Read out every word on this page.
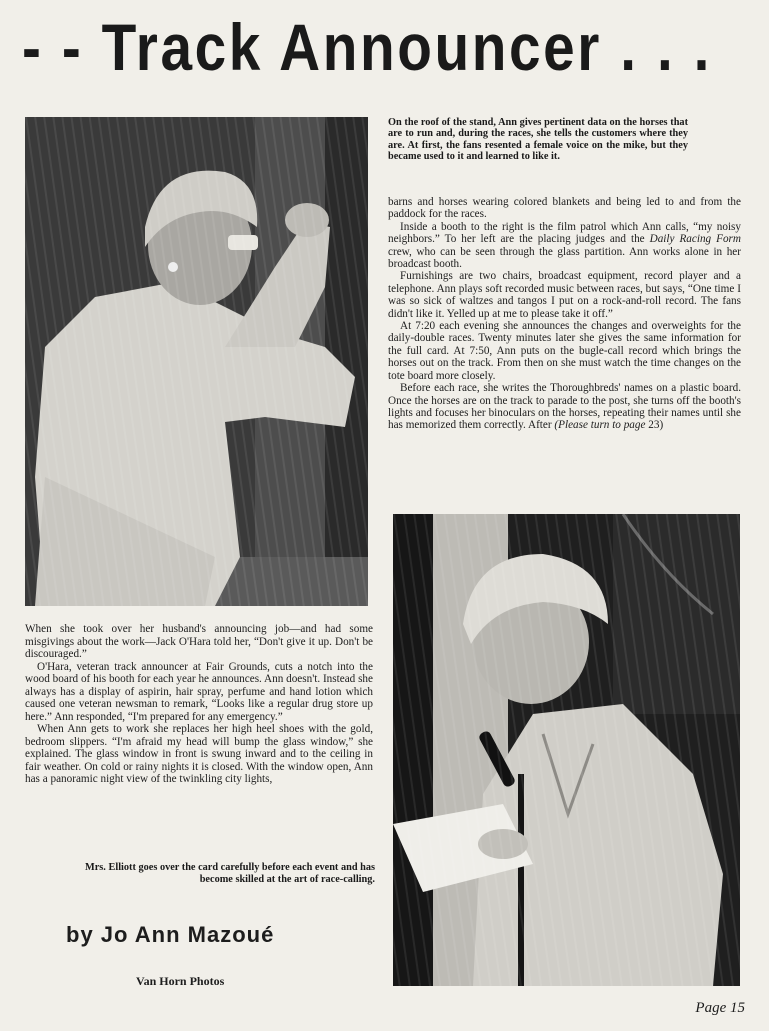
- - Track Announcer . . .
On the roof of the stand, Ann gives pertinent data on the horses that are to run and, during the races, she tells the customers where they are. At first, the fans resented a female voice on the mike, but they became used to it and learned to like it.

barns and horses wearing colored blankets and being led to and from the paddock for the races.

Inside a booth to the right is the film patrol which Ann calls, “my noisy neighbors.” To her left are the placing judges and the Daily Racing Form crew, who can be seen through the glass partition. Ann works alone in her broadcast booth.

Furnishings are two chairs, broadcast equipment, record player and a telephone. Ann plays soft recorded music between races, but says, “One time I was so sick of waltzes and tangos I put on a rock-and-roll record. The fans didn't like it. Yelled up at me to please take it off.”

At 7:20 each evening she announces the changes and overweights for the daily-double races. Twenty minutes later she gives the same information for the full card. At 7:50, Ann puts on the bugle-call record which brings the horses out on the track. From then on she must watch the time changes on the tote board more closely.

Before each race, she writes the Thoroughbreds' names on a plastic board. Once the horses are on the track to parade to the post, she turns off the booth's lights and focuses her binoculars on the horses, repeating their names until she has memorized them correctly. After (Please turn to page 23)

When she took over her husband's announcing job—and had some misgivings about the work—Jack O'Hara told her, “Don't give it up. Don't be discouraged.”

O'Hara, veteran track announcer at Fair Grounds, cuts a notch into the wood board of his booth for each year he announces. Ann doesn't. Instead she always has a display of aspirin, hair spray, perfume and hand lotion which caused one veteran newsman to remark, “Looks like a regular drug store up here.” Ann responded, “I'm prepared for any emergency.”

When Ann gets to work she replaces her high heel shoes with the gold, bedroom slippers. “I'm afraid my head will bump the glass window,” she explained. The glass window in front is swung inward and to the ceiling in fair weather. On cold or rainy nights it is closed. With the window open, Ann has a panoramic night view of the twinkling city lights,

Mrs. Elliott goes over the card carefully before each event and has become skilled at the art of race-calling.
by Jo Ann Mazoué
Van Horn Photos
Page 15
